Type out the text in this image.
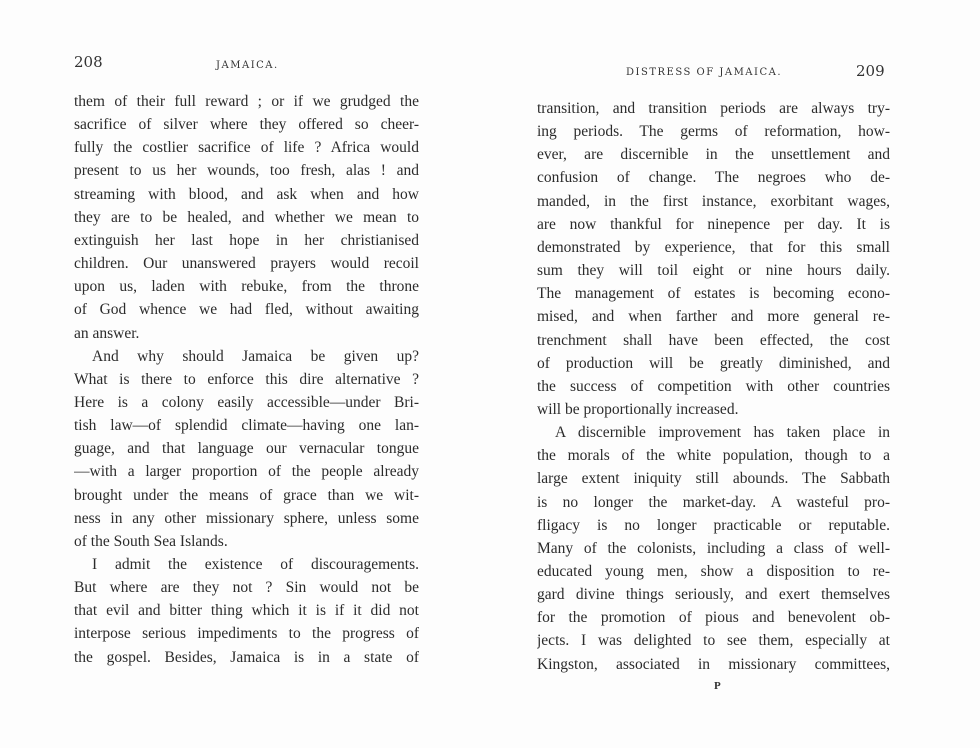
208	JAMAICA.
them of their full reward ; or if we grudged the
sacrifice of silver where they offered so cheer-
fully the costlier sacrifice of life ? Africa would
present to us her wounds, too fresh, alas ! and
streaming with blood, and ask when and how
they are to be healed, and whether we mean to
extinguish her last hope in her christianised
children. Our unanswered prayers would recoil
upon us, laden with rebuke, from the throne
of God whence we had fled, without awaiting
an answer.
And why should Jamaica be given up?
What is there to enforce this dire alternative ?
Here is a colony easily accessible—under Bri-
tish law—of splendid climate—having one lan-
guage, and that language our vernacular tongue
—with a larger proportion of the people already
brought under the means of grace than we wit-
ness in any other missionary sphere, unless some
of the South Sea Islands.
I admit the existence of discouragements.
But where are they not ? Sin would not be
that evil and bitter thing which it is if it did not
interpose serious impediments to the progress of
the gospel. Besides, Jamaica is in a state of
DISTRESS OF JAMAICA.	209
transition, and transition periods are always try-
ing periods. The germs of reformation, how-
ever, are discernible in the unsettlement and
confusion of change. The negroes who de-
manded, in the first instance, exorbitant wages,
are now thankful for ninepence per day. It is
demonstrated by experience, that for this small
sum they will toil eight or nine hours daily.
The management of estates is becoming econo-
mised, and when farther and more general re-
trenchment shall have been effected, the cost
of production will be greatly diminished, and
the success of competition with other countries
will be proportionally increased.
A discernible improvement has taken place in
the morals of the white population, though to a
large extent iniquity still abounds. The Sabbath
is no longer the market-day. A wasteful pro-
fligacy is no longer practicable or reputable.
Many of the colonists, including a class of well-
educated young men, show a disposition to re-
gard divine things seriously, and exert themselves
for the promotion of pious and benevolent ob-
jects. I was delighted to see them, especially at
Kingston, associated in missionary committees,
P
